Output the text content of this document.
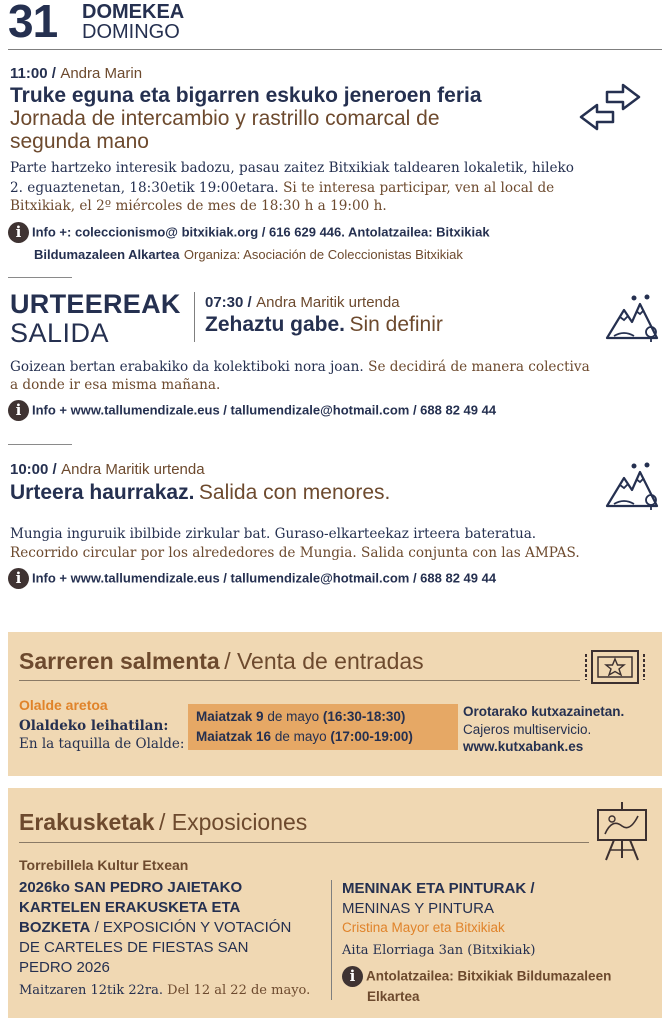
31 DOMEKEA
DOMINGO
11:00 / Andra Marin
Truke eguna eta bigarren eskuko jeneroen feria
Jornada de intercambio y rastrillo comarcal de
segunda mano
Parte hartzeko interesik badozu, pasau zaitez Bitxikiak taldearen lokaletik, hileko
2. eguaztenetan, 18:30etik 19:00etara. Si te interesa participar, ven al local de
Bitxikiak, el 2º miércoles de mes de 18:30 h a 19:00 h.
i Info +: coleccionismo@ bitxikiak.org / 616 629 446. Antolatzailea: Bitxikiak
Bildumazaleen Alkartea Organiza: Asociación de Coleccionistas Bitxikiak
URTEEREAK
SALIDA
07:30 / Andra Maritik urtenda
Zehaztu gabe. Sin definir
Goizean bertan erabakiko da kolektiboki nora joan. Se decidirá de manera colectiva
a donde ir esa misma mañana.
i Info + www.tallumendizale.eus / tallumendizale@hotmail.com / 688 82 49 44
10:00 / Andra Maritik urtenda
Urteera haurrakaz. Salida con menores.
Mungia inguruik ibilbide zirkular bat. Guraso-elkarteekaz irteera bateratua.
Recorrido circular por los alrededores de Mungia. Salida conjunta con las AMPAS.
i Info + www.tallumendizale.eus / tallumendizale@hotmail.com / 688 82 49 44
Sarreren salmenta / Venta de entradas
Olalde aretoa
Olaldeko leihatilan:
En la taquilla de Olalde:
Maiatzak 9 de mayo (16:30-18:30)
Maiatzak 16 de mayo (17:00-19:00)
Orotarako kutxazainetan.
Cajeros multiservicio.
www.kutxabank.es
Erakusketak / Exposiciones
Torrebillela Kultur Etxean
2026ko SAN PEDRO JAIETAKO
KARTELEN ERAKUSKETA ETA
BOZKETA / EXPOSICIÓN Y VOTACIÓN
DE CARTELES DE FIESTAS SAN
PEDRO 2026
Maitzaren 12tik 22ra. Del 12 al 22 de mayo.
MENINAK ETA PINTURAK /
MENINAS Y PINTURA
Cristina Mayor eta Bitxikiak
Aita Elorriaga 3an (Bitxikiak)
i Antolatzailea: Bitxikiak Bildumazaleen
Elkartea
